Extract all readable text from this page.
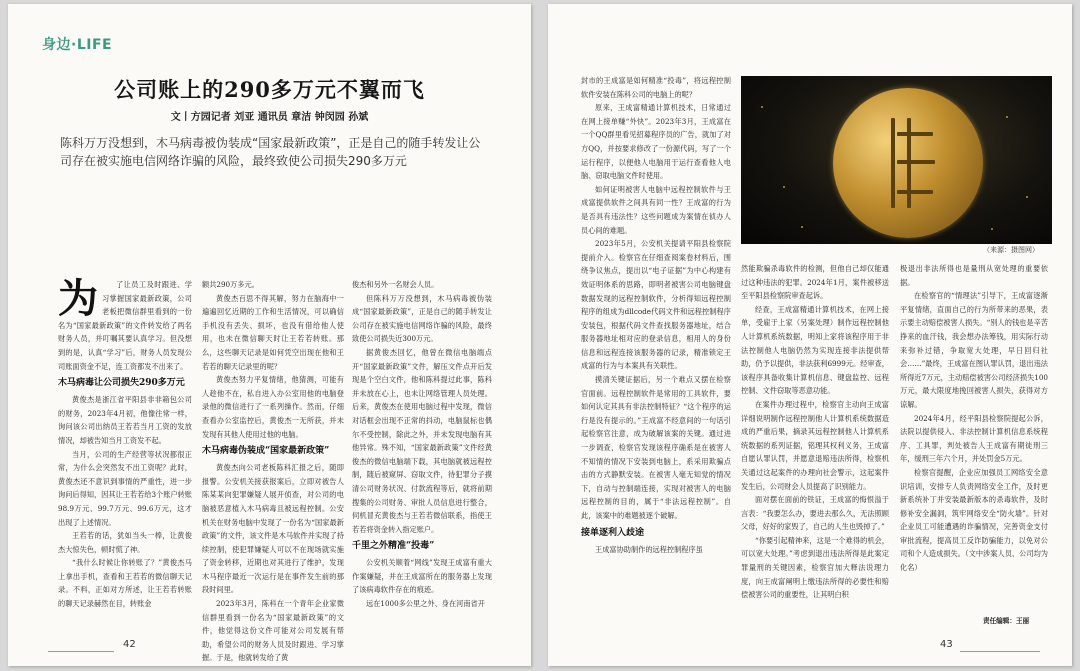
身边·LIFE
公司账上的290多万元不翼而飞
文丨方园记者 刘亚 通讯员 章洁 钟闵园 孙斌
陈科万万没想到，木马病毒被伪装成“国家最新政策”，正是自己的随手转发让公司存在被实施电信网络诈骗的风险，最终致使公司损失290多万元
为	了让员工及时跟进、学习掌握国家最新政策，公司老板把微信群里看到的一份名为“国家最新政策”的文件转发给了两名财务人员，并叮嘱其要认真学习。但没想到的是，认真“学习”后，财务人员发现公司账面资金不足，连工资都发不出来了。

木马病毒让公司损失290多万元

黄俊杰是浙江省平阳县非非箱包公司的财务，2023年4月初，他像往常一样，询问该公司出纳员王若若当月工资的发放情况，却被告知当月工资发不起。

当月，公司的生产经营等状况都很正常，为什么会突然发不出工资呢？此时，黄俊杰还不意识到事情的严重性，进一步询问后得知，因其让王若若给3个账户转账98.9万元、99.7万元、99.6万元，这才出现了上述情况。

王若若的话，犹如当头一棒，让黄俊杰大惊失色，顿时慌了神。

“我什么时候让你转账了？”黄俊杰马上拿出手机，查看和王若若的微信聊天记录。不料，正如对方所述，让王若若转账的聊天记录赫然在目，转账金

额共290万多元。

黄俊杰百思不得其解，努力在脑海中一遍遍回忆近期的工作和生活情况，可以确信手机没有丢失、损坏，也没有借给他人使用，也未在微信聊天时让王若若转账。那么，这些聊天记录是如何凭空出现在他和王若若的聊天记录里的呢？

黄俊杰努力平复情绪，他猜测，可能有人趁他不在，私自进入办公室用他的电脑登录他的微信进行了一系列操作。然而，仔细查看办公室监控后，黄俊杰一无所获，并未发现有其他人使用过他的电脑。

木马病毒伪装成“国家最新政策”

黄俊杰向公司老板陈科汇报之后，随即报警。公安机关接获报案后，立即对被告人陈某某向犯罪嫌疑人展开侦查，对公司的电脑被恶意植入木马病毒且被远程控制。公安机关在财务电脑中发现了一份名为“国家最新政策”的文件，该文件是木马软件并实现了持续控制，使犯罪嫌疑人可以不在现场就实施了资金转移，近期也对其进行了维护，发现木马程序最近一次运行是在事件发生前的那段时间里。

2023年3月，陈科在一个青年企业家微信群里看到一份名为“国家最新政策”的文件，他觉得这份文件可能对公司发展有帮助，希望公司的财务人员及时跟进、学习掌握。于是，他就转发给了黄

俊杰和另外一名财会人员。

但陈科万万没想到，木马病毒被伪装成“国家最新政策”，正是自己的随手转发让公司存在被实施电信网络诈骗的风险，最终致使公司损失近300万元。

据黄俊杰回忆，他曾在微信电脑端点开“国家最新政策”文件，解压文件点开后发现是个空白文件，他和陈科提过此事，陈科并未放在心上，也未让网络管理人员处理。后来，黄俊杰在使用电脑过程中发现，微信对话框会出现不正常的抖动，电脑鼠标也偶尔不受控制，除此之外，并未发现电脑有其他异常。殊不知，“国家最新政策”文件经黄俊杰的微信电脑端下载，其电脑就被远程控制，随后被窥屏、窃取文件，待犯罪分子摸清公司财务状况、付款流程等后，就将前期搜集的公司财务、审批人员信息进行整合，伺机冒充黄俊杰与王若若微信联系，指使王若若将资金转入指定账户。

千里之外精准“投毒”

公安机关顺着“网线”发现王成富有重大作案嫌疑，并在王成富所在的服务器上发现了该病毒软件存在的痕迹。

远在1000多公里之外、身在河南省开

42

封市的王成富是如何精准“投毒”，将远程控制软件安装在陈科公司的电脑上的呢？

原来，王成富精通计算机技术，日常通过在网上接单赚“外快”。2023年3月，王成富在一个QQ群里看见招募程序员的广告，就加了对方QQ，并按要求修改了一份源代码，写了一个运行程序，以便他人电脑用于运行查看他人电脑、窃取电脑文件时使用。

如何证明被害人电脑中远程控制软件与王成富提供软件之间具有同一性？王成富的行为是否具有违法性？这些问题成为案情在侦办人员心间的难题。

2023年5月，公安机关提请平阳县检察院提前介入。检察官在仔细查阅案卷材料后，围绕争议焦点，提出以“电子证据”为中心构建有效证明体系的思路，即明者被害公司电脑键盘数据发现的远程控制软件，分析得知远程控制程序的组成为dllcode代码文件和远程控制程序安装包，根据代码文件查找服务器地址，结合服务器地址相对应的登录信息，相用人的身份信息和远程连接该服务器的记录，精准锁定王成富的行为与本案具有关联性。

摸清关键证据后，另一个难点又摆在检察官面前。远程控制软件是常用的工具软件，要如何认定其具有非法控制特征？“这个程序的运行是没有提示的。”王成富不经意间的一句话引起检察官注意，成为破解该案的关键。通过进一步调查，检察官发现该程序确系是在被害人不知情的情况下安装到电脑上，系采用欺骗点击的方式静默安装。在被害人毫无知觉的情况下，自动与控制端连接，实现对被害人的电脑远程控制的目的，属于“非法远程控制”。自此，该案中的难题被逐个破解。

接单逐利入歧途

王成富协助制作的远程控制程序虽

（来源：摄图网）

然能欺骗杀毒软件的检测，但他自己却仅能通过这种违法的犯罪。2024年1月，案件被移送至平阳县检察院审查起诉。

经查，王成富精通计算机技术，在网上接单，受雇于上家（另案处理）制作远程控制他人计算机系统数据，明知上家将该程序用于非法控制他人电脑仍然为实现连接非法提供帮助，仍予以提供，非法获利6999元。经审查，该程序具备收集计算机信息、键盘监控、远程控制、文件窃取等恶意功能。

在案件办理过程中，检察官主动向王成富详细说明制作远程控制他人计算机系统数据造成的严重后果，摘录其远程控制他人计算机系统数据的系列证据，铭理其权利义务，王成富自愿认罪认罚，并愿意退赔违法所得，检察机关通过这起案件的办理向社会警示，这起案件发生后，公司财会人员提高了识别能力。

面对摆在面前的铁证，王成富的悔恨溢于言表：“我要怎么办，要进去那么久，无法照顾父母，好好的家毁了，自己的人生也毁掉了。”

“你要引起精神来，这是一个难得的机会，可以宽大处理。”考虑到退出违法所得是此案定罪量刑的关键因素，检察官加大释法说理力度，向王成富阐明上缴违法所得的必要性和赔偿被害公司的重要性，让其明白积

极退出非法所得也是量刑从宽处理的重要依据。

在检察官的“情理法”引导下，王成富逐渐平复情绪，直面自己的行为所带来的恶果，表示要主动赔偿被害人损失。“别人的钱也是辛苦挣来的血汗钱，我会想办法筹钱，用实际行动来弥补过错，争取宽大处理，早日回归社会……”最终，王成富在图认罪认罚，退出违法所得近7万元，主动赔偿被害公司经济损失100万元，最大限度地挽回被害人损失，获得对方谅解。

2024年4月，经平阳县检察院提起公诉，法院以提供侵入、非法控制计算机信息系统程序、工具罪，判处被告人王成富有期徒刑三年，缓刑三年六个月，并处罚金5万元。

检察官提醒，企业应加强员工网络安全意识培训，安排专人负责网络安全工作，及时更新系统补丁并安装最新版本的杀毒软件，及时修补安全漏洞，筑牢网络安全“防火墙”。针对企业员工可能遭遇的诈骗情况，完善资金支付审批流程，提高员工反诈防骗能力，以免对公司和个人造成损失。（文中涉案人员、公司均为化名）

责任编辑：王丽
43
